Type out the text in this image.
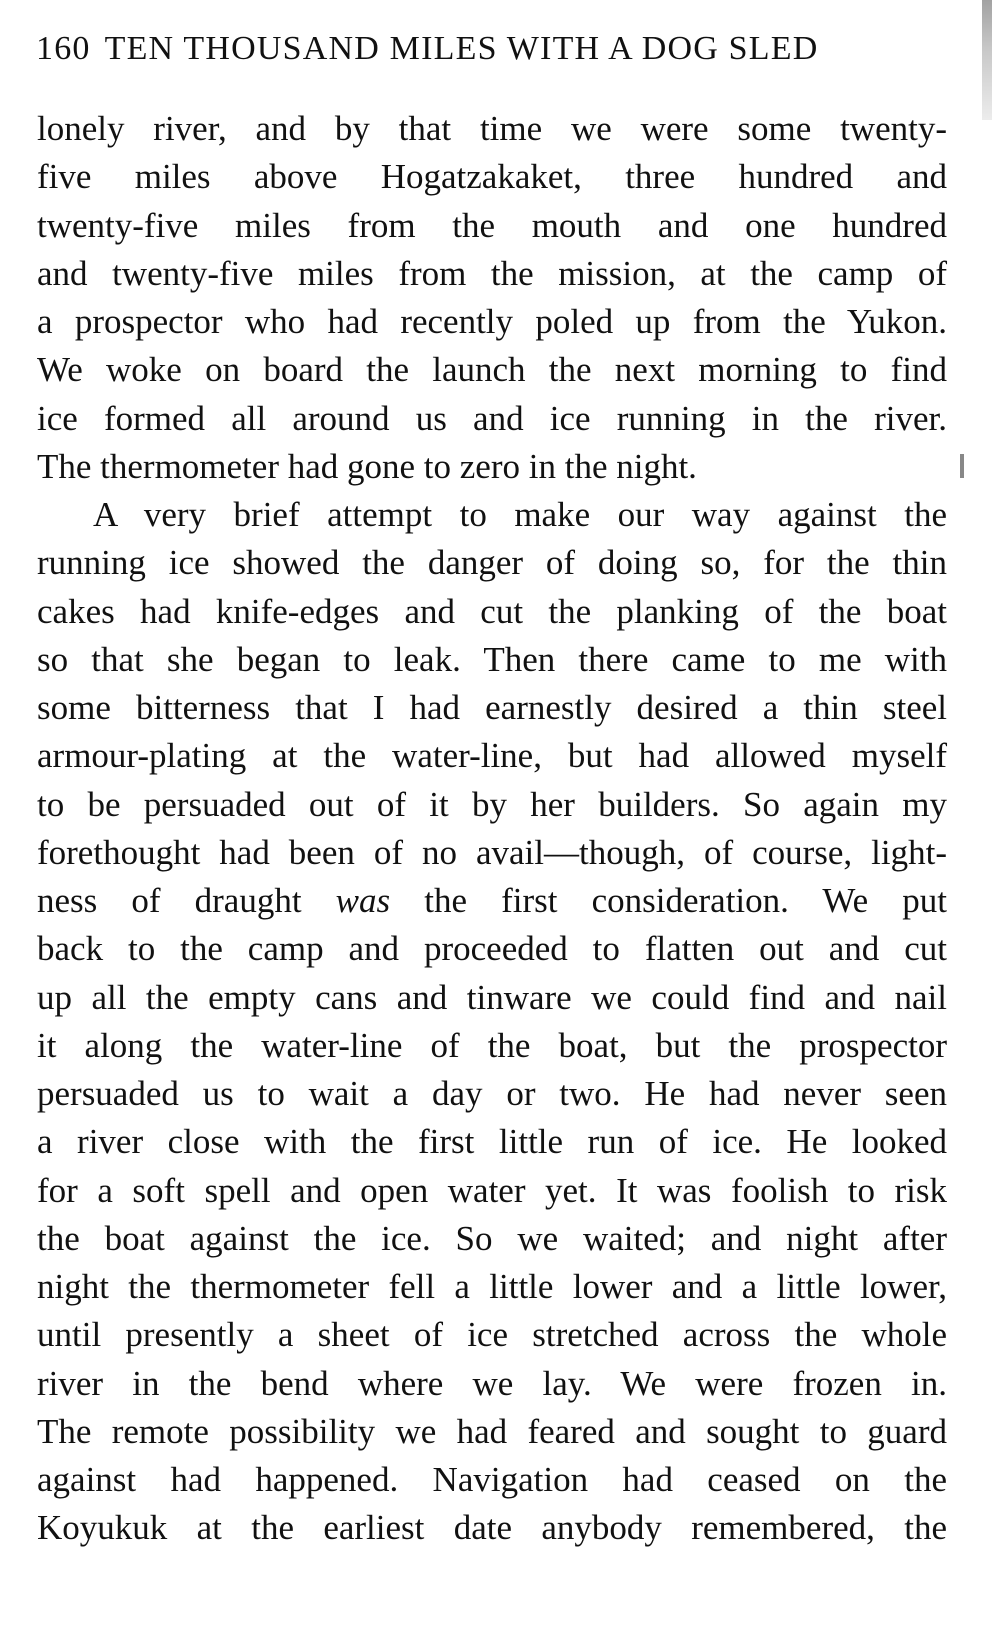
160 TEN THOUSAND MILES WITH A DOG SLED
lonely river, and by that time we were some twenty-
five miles above Hogatzakaket, three hundred and
twenty-five miles from the mouth and one hundred
and twenty-five miles from the mission, at the camp of
a prospector who had recently poled up from the Yukon.
We woke on board the launch the next morning to find
ice formed all around us and ice running in the river.
The thermometer had gone to zero in the night.
A very brief attempt to make our way against the
running ice showed the danger of doing so, for the thin
cakes had knife-edges and cut the planking of the boat
so that she began to leak. Then there came to me with
some bitterness that I had earnestly desired a thin steel
armour-plating at the water-line, but had allowed myself
to be persuaded out of it by her builders. So again my
forethought had been of no avail—though, of course, light-
ness of draught was the first consideration. We put
back to the camp and proceeded to flatten out and cut
up all the empty cans and tinware we could find and nail
it along the water-line of the boat, but the prospector
persuaded us to wait a day or two. He had never seen
a river close with the first little run of ice. He looked
for a soft spell and open water yet. It was foolish to risk
the boat against the ice. So we waited; and night after
night the thermometer fell a little lower and a little lower,
until presently a sheet of ice stretched across the whole
river in the bend where we lay. We were frozen in.
The remote possibility we had feared and sought to guard
against had happened. Navigation had ceased on the
Koyukuk at the earliest date anybody remembered, the
